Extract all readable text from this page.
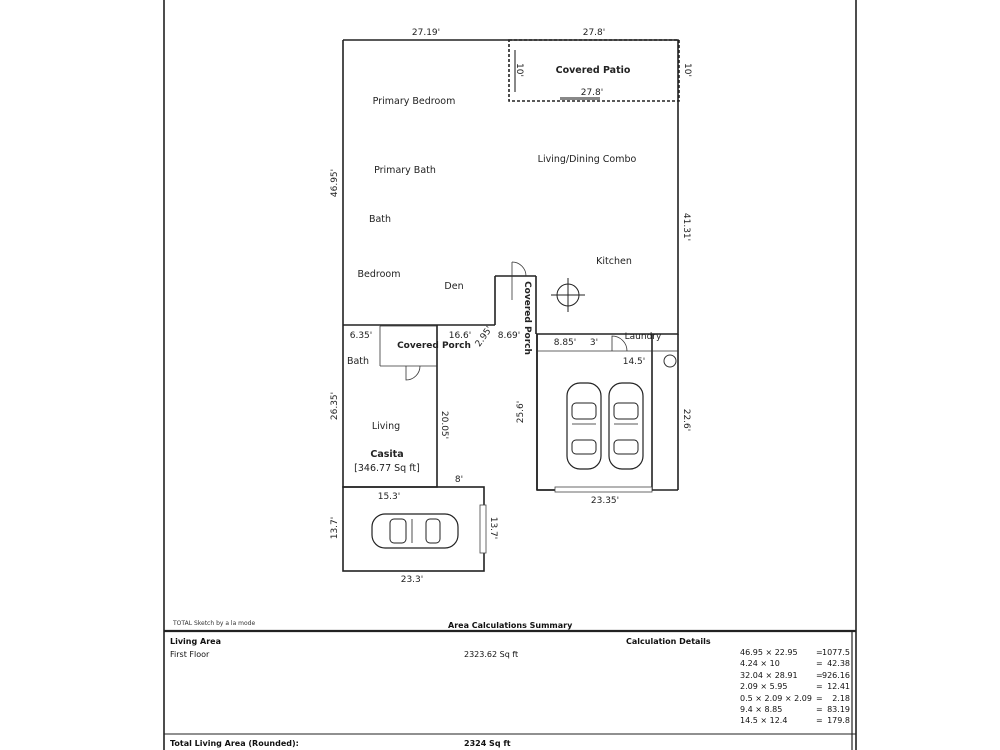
27.19'	27.8'
10'	10'
27.8'
46.95'
41.31'
6.35'	16.6' 2.95' 8.69'
8.85' 3'
14.5'
26.35'
20.05'	25.6'	22.6'
8'
23.35'
15.3'
13.7'	13.7'
23.3'
Covered Patio
Primary Bedroom
Primary Bath
Living/Dining Combo
Bath
Kitchen
Bedroom
Den	Covered Porch	Laundry
Bath
Covered Porch
Living
Casita
[346.77 Sq ft]
TOTAL Sketch by a la mode	Area Calculations Summary
Living Area	Calculation Details
First Floor	2323.62 Sq ft	46.95 × 22.95 = 1077.5
4.24 × 10	= 42.38
32.04 × 28.91 = 926.16
2.09 × 5.95	= 12.41
0.5 × 2.09 × 2.09 = 2.18
9.4 × 8.85	= 83.19
14.5 × 12.4	= 179.8
Total Living Area (Rounded):	2324 Sq ft
